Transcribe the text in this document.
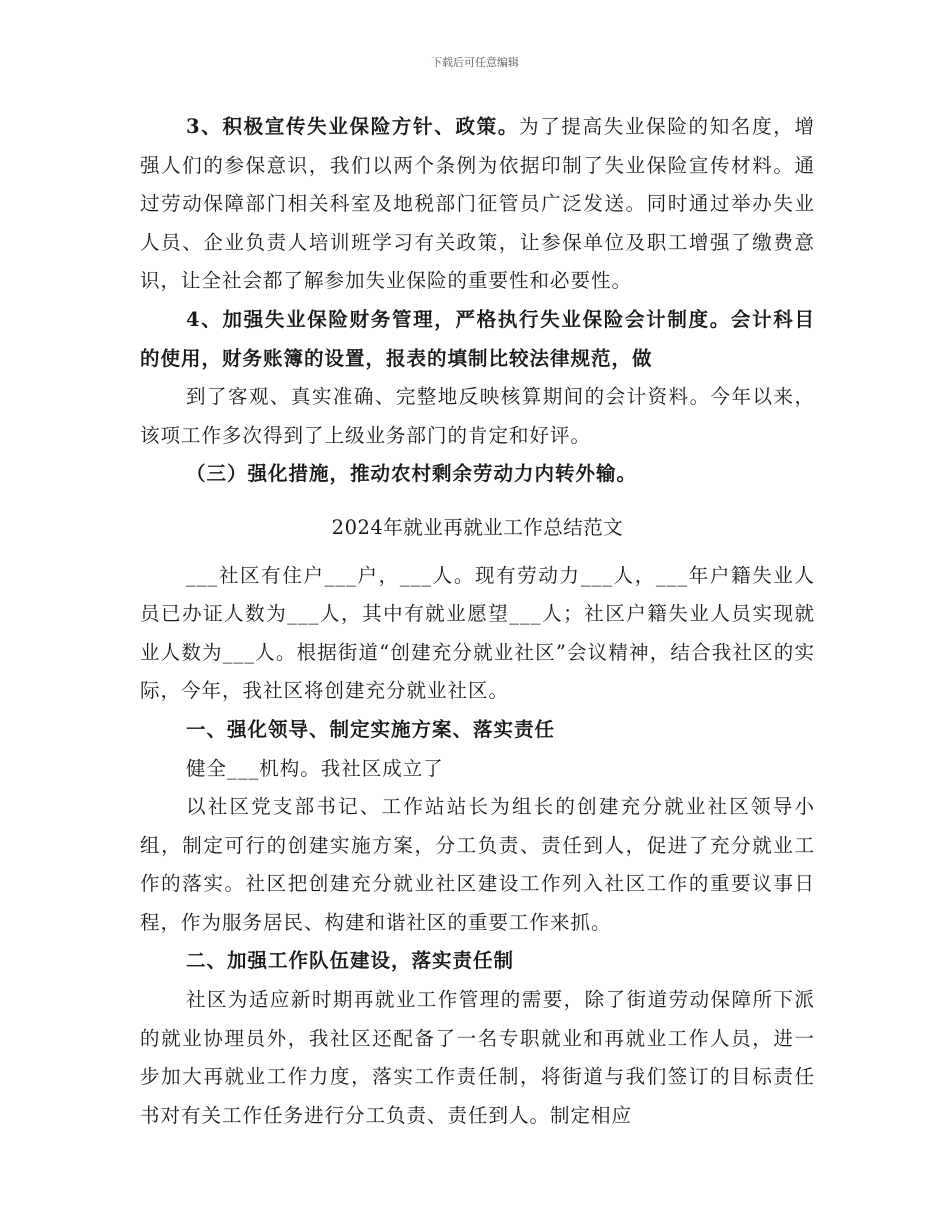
下载后可任意编辑

3、积极宣传失业保险方针、政策。为了提高失业保险的知名度，增强人们的参保意识，我们以两个条例为依据印制了失业保险宣传材料。通过劳动保障部门相关科室及地税部门征管员广泛发送。同时通过举办失业人员、企业负责人培训班学习有关政策，让参保单位及职工增强了缴费意识，让全社会都了解参加失业保险的重要性和必要性。

4、加强失业保险财务管理，严格执行失业保险会计制度。会计科目的使用，财务账簿的设置，报表的填制比较法律规范，做

到了客观、真实准确、完整地反映核算期间的会计资料。今年以来，该项工作多次得到了上级业务部门的肯定和好评。

（三）强化措施，推动农村剩余劳动力内转外输。

2024年就业再就业工作总结范文

___社区有住户___户，___人。现有劳动力___人，___年户籍失业人员已办证人数为___人，其中有就业愿望___人；社区户籍失业人员实现就业人数为___人。根据街道“创建充分就业社区”会议精神，结合我社区的实际，今年，我社区将创建充分就业社区。

一、强化领导、制定实施方案、落实责任

健全___机构。我社区成立了

以社区党支部书记、工作站站长为组长的创建充分就业社区领导小组，制定可行的创建实施方案，分工负责、责任到人，促进了充分就业工作的落实。社区把创建充分就业社区建设工作列入社区工作的重要议事日程，作为服务居民、构建和谐社区的重要工作来抓。

二、加强工作队伍建设，落实责任制

社区为适应新时期再就业工作管理的需要，除了街道劳动保障所下派的就业协理员外，我社区还配备了一名专职就业和再就业工作人员，进一步加大再就业工作力度，落实工作责任制，将街道与我们签订的目标责任书对有关工作任务进行分工负责、责任到人。制定相应
